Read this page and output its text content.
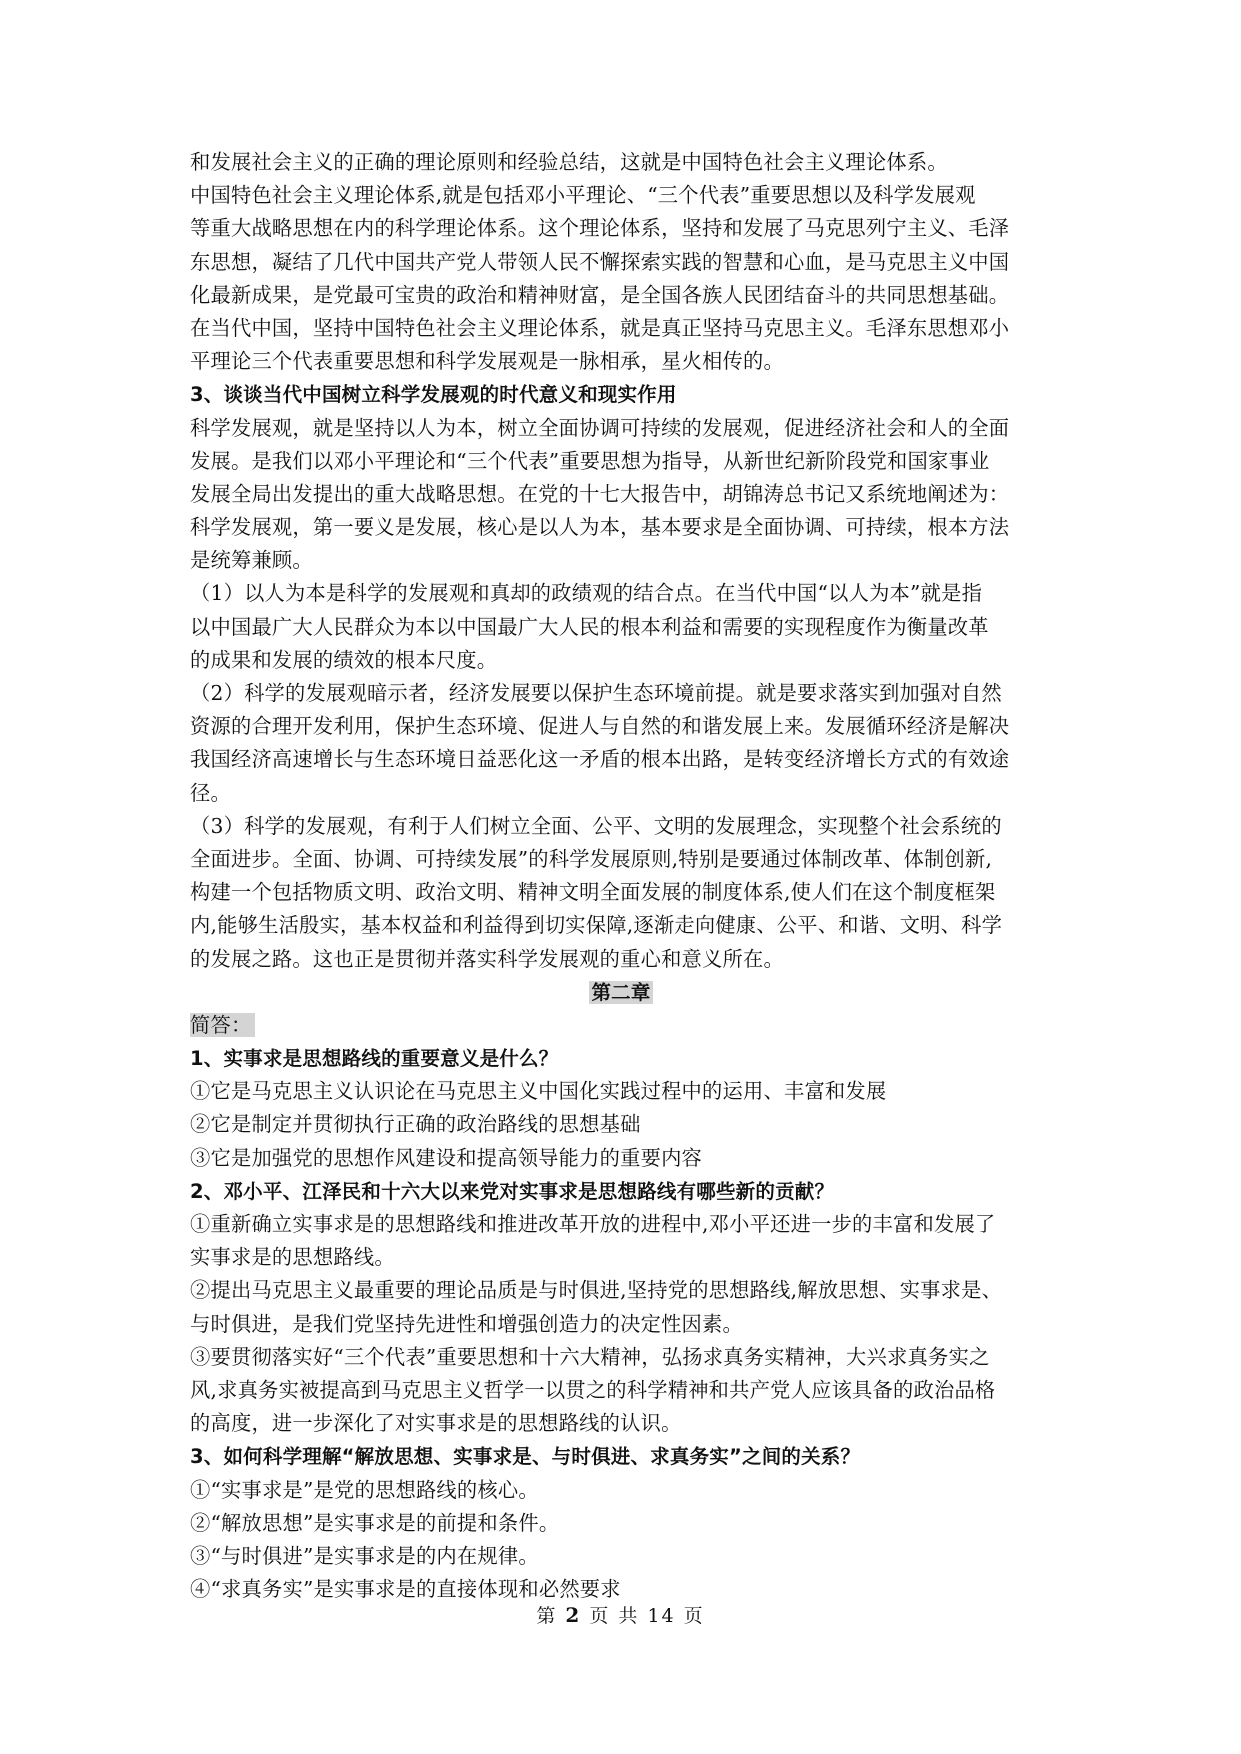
和发展社会主义的正确的理论原则和经验总结，这就是中国特色社会主义理论体系。
中国特色社会主义理论体系,就是包括邓小平理论、“三个代表”重要思想以及科学发展观
等重大战略思想在内的科学理论体系。这个理论体系，坚持和发展了马克思列宁主义、毛泽
东思想，凝结了几代中国共产党人带领人民不懈探索实践的智慧和心血，是马克思主义中国
化最新成果，是党最可宝贵的政治和精神财富，是全国各族人民团结奋斗的共同思想基础。
在当代中国，坚持中国特色社会主义理论体系，就是真正坚持马克思主义。毛泽东思想邓小
平理论三个代表重要思想和科学发展观是一脉相承，星火相传的。
3、谈谈当代中国树立科学发展观的时代意义和现实作用
科学发展观，就是坚持以人为本，树立全面协调可持续的发展观，促进经济社会和人的全面
发展。是我们以邓小平理论和“三个代表”重要思想为指导，从新世纪新阶段党和国家事业
发展全局出发提出的重大战略思想。在党的十七大报告中，胡锦涛总书记又系统地阐述为：
科学发展观，第一要义是发展，核心是以人为本，基本要求是全面协调、可持续，根本方法
是统筹兼顾。
（1）以人为本是科学的发展观和真却的政绩观的结合点。在当代中国“以人为本”就是指
以中国最广大人民群众为本以中国最广大人民的根本利益和需要的实现程度作为衡量改革
的成果和发展的绩效的根本尺度。
（2）科学的发展观暗示者，经济发展要以保护生态环境前提。就是要求落实到加强对自然
资源的合理开发利用，保护生态环境、促进人与自然的和谐发展上来。发展循环经济是解决
我国经济高速增长与生态环境日益恶化这一矛盾的根本出路，是转变经济增长方式的有效途
径。
（3）科学的发展观，有利于人们树立全面、公平、文明的发展理念，实现整个社会系统的
全面进步。全面、协调、可持续发展”的科学发展原则,特别是要通过体制改革、体制创新,
构建一个包括物质文明、政治文明、精神文明全面发展的制度体系,使人们在这个制度框架
内,能够生活殷实，基本权益和利益得到切实保障,逐渐走向健康、公平、和谐、文明、科学
的发展之路。这也正是贯彻并落实科学发展观的重心和意义所在。
第二章
简答：
1、实事求是思想路线的重要意义是什么？
①它是马克思主义认识论在马克思主义中国化实践过程中的运用、丰富和发展
②它是制定并贯彻执行正确的政治路线的思想基础
③它是加强党的思想作风建设和提高领导能力的重要内容
2、邓小平、江泽民和十六大以来党对实事求是思想路线有哪些新的贡献？
①重新确立实事求是的思想路线和推进改革开放的进程中,邓小平还进一步的丰富和发展了
实事求是的思想路线。
②提出马克思主义最重要的理论品质是与时俱进,坚持党的思想路线,解放思想、实事求是、
与时俱进，是我们党坚持先进性和增强创造力的决定性因素。
③要贯彻落实好“三个代表”重要思想和十六大精神，弘扬求真务实精神，大兴求真务实之
风,求真务实被提高到马克思主义哲学一以贯之的科学精神和共产党人应该具备的政治品格
的高度，进一步深化了对实事求是的思想路线的认识。
3、如何科学理解“解放思想、实事求是、与时俱进、求真务实”之间的关系？
①“实事求是”是党的思想路线的核心。
②“解放思想”是实事求是的前提和条件。
③“与时俱进”是实事求是的内在规律。
④“求真务实”是实事求是的直接体现和必然要求
第 2 页 共 14 页
